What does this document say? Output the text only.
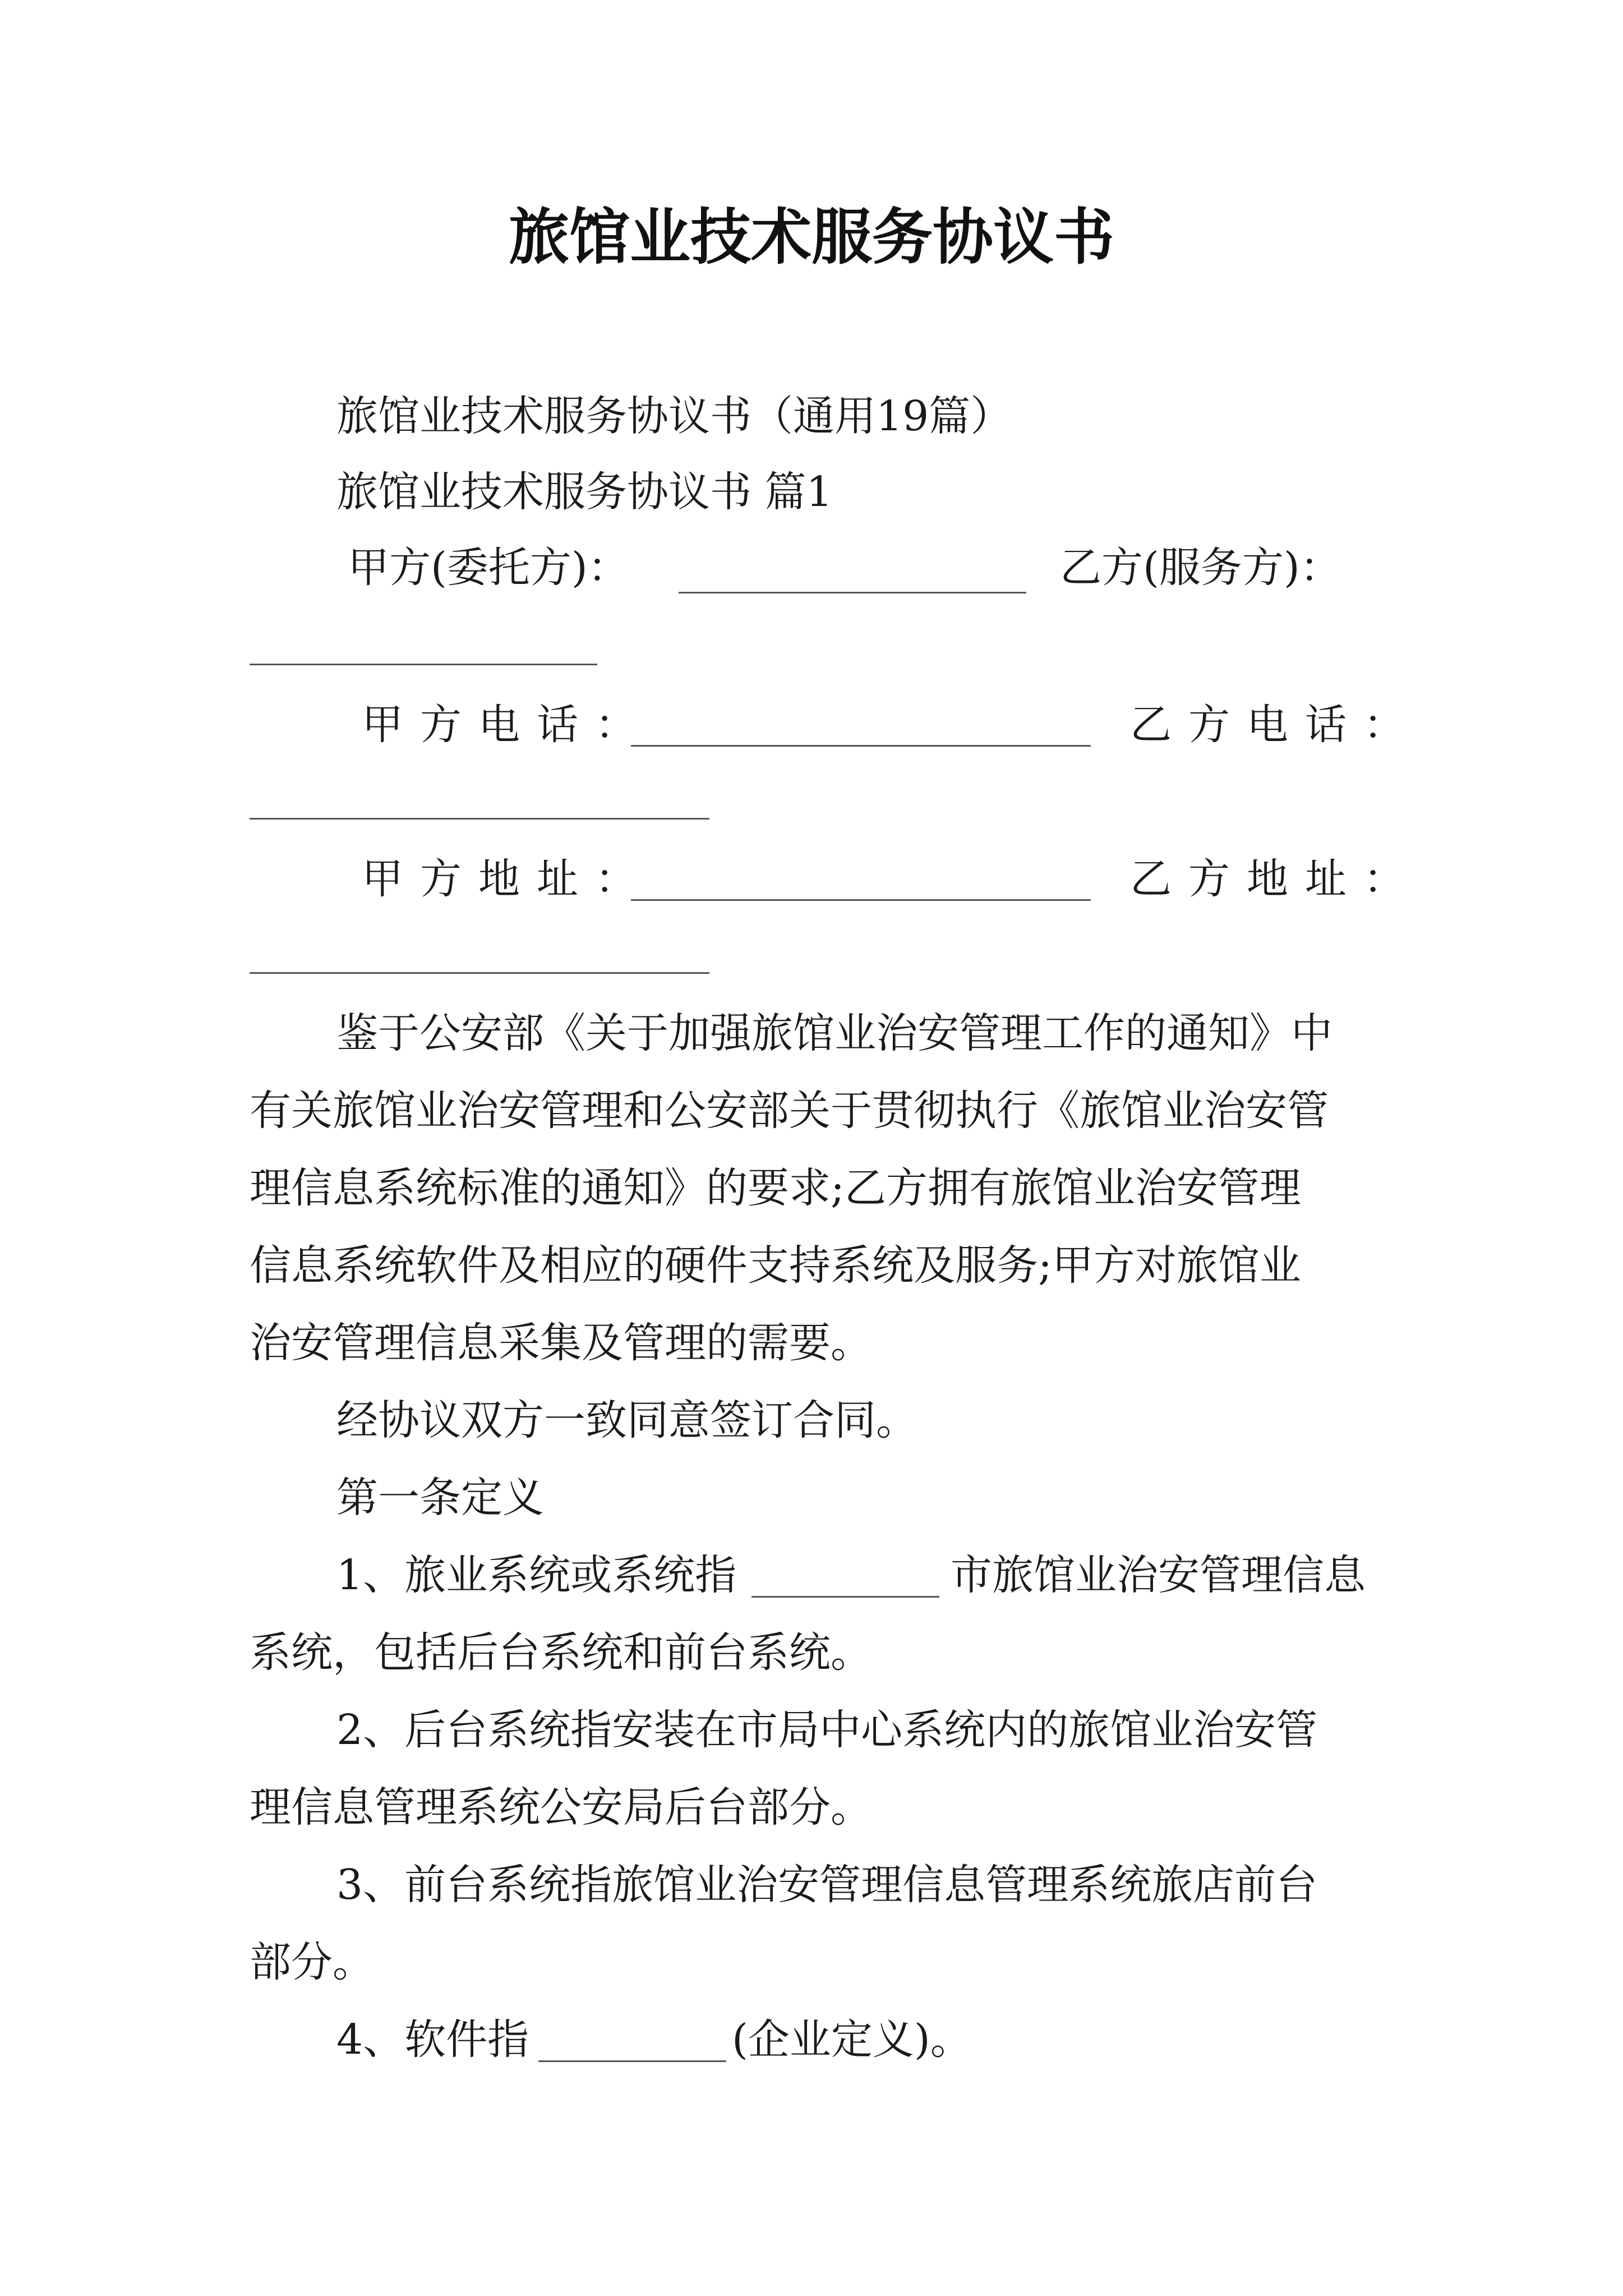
旅馆业技术服务协议书
旅馆业技术服务协议书（通用19篇）
旅馆业技术服务协议书 篇1
甲方(委托方)：	乙方(服务方)：
甲方电话：	乙方电话：
甲方地址：	乙方地址：
鉴于公安部《关于加强旅馆业治安管理工作的通知》中
有关旅馆业治安管理和公安部关于贯彻执行《旅馆业治安管
理信息系统标准的通知》的要求;乙方拥有旅馆业治安管理
信息系统软件及相应的硬件支持系统及服务;甲方对旅馆业
治安管理信息采集及管理的需要。
经协议双方一致同意签订合同。
第一条定义
1、旅业系统或系统指	市旅馆业治安管理信息
系统，包括后台系统和前台系统。
2、后台系统指安装在市局中心系统内的旅馆业治安管
理信息管理系统公安局后台部分。
3、前台系统指旅馆业治安管理信息管理系统旅店前台
部分。
4、软件指	(企业定义)。
